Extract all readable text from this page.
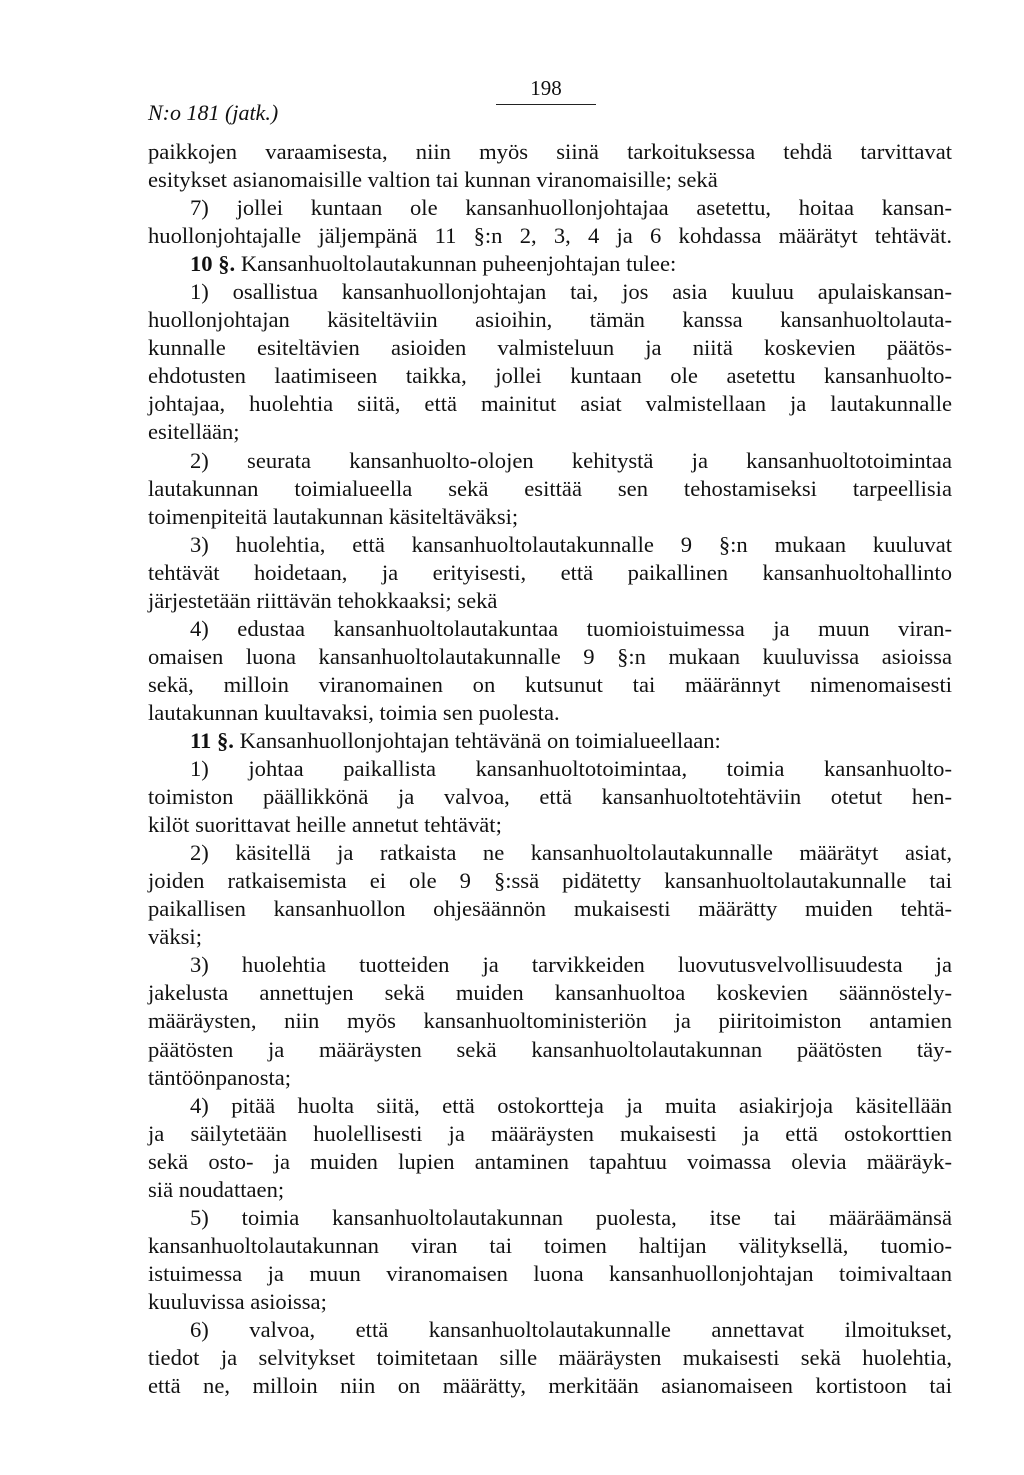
N:o 181 (jatk.)
198
paikkojen varaamisesta, niin myös siinä tarkoituksessa tehdä tarvittavat
esitykset asianomaisille valtion tai kunnan viranomaisille; sekä
7) jollei kuntaan ole kansanhuollonjohtajaa asetettu, hoitaa kansan-
huollonjohtajalle jäljempänä 11 §:n 2, 3, 4 ja 6 kohdassa määrätyt tehtävät.
10 §. Kansanhuoltolautakunnan puheenjohtajan tulee:
1) osallistua kansanhuollonjohtajan tai, jos asia kuuluu apulaiskansan-
huollonjohtajan käsiteltäviin asioihin, tämän kanssa kansanhuoltolauta-
kunnalle esiteltävien asioiden valmisteluun ja niitä koskevien päätös-
ehdotusten laatimiseen taikka, jollei kuntaan ole asetettu kansanhuolto-
johtajaa, huolehtia siitä, että mainitut asiat valmistellaan ja lautakunnalle
esitellään;
2) seurata kansanhuolto-olojen kehitystä ja kansanhuoltotoimintaa
lautakunnan toimialueella sekä esittää sen tehostamiseksi tarpeellisia
toimenpiteitä lautakunnan käsiteltäväksi;
3) huolehtia, että kansanhuoltolautakunnalle 9 §:n mukaan kuuluvat
tehtävät hoidetaan, ja erityisesti, että paikallinen kansanhuoltohallinto
järjestetään riittävän tehokkaaksi; sekä
4) edustaa kansanhuoltolautakuntaa tuomioistuimessa ja muun viran-
omaisen luona kansanhuoltolautakunnalle 9 §:n mukaan kuuluvissa asioissa
sekä, milloin viranomainen on kutsunut tai määrännyt nimenomaisesti
lautakunnan kuultavaksi, toimia sen puolesta.
11 §. Kansanhuollonjohtajan tehtävänä on toimialueellaan:
1) johtaa paikallista kansanhuoltotoimintaa, toimia kansanhuolto-
toimiston päällikkönä ja valvoa, että kansanhuoltotehtäviin otetut hen-
kilöt suorittavat heille annetut tehtävät;
2) käsitellä ja ratkaista ne kansanhuoltolautakunnalle määrätyt asiat,
joiden ratkaisemista ei ole 9 §:ssä pidätetty kansanhuoltolautakunnalle tai
paikallisen kansanhuollon ohjesäännön mukaisesti määrätty muiden tehtä-
väksi;
3) huolehtia tuotteiden ja tarvikkeiden luovutusvelvollisuudesta ja
jakelusta annettujen sekä muiden kansanhuoltoa koskevien säännöstely-
määräysten, niin myös kansanhuoltoministeriön ja piiritoimiston antamien
päätösten ja määräysten sekä kansanhuoltolautakunnan päätösten täy-
täntöönpanosta;
4) pitää huolta siitä, että ostokortteja ja muita asiakirjoja käsitellään
ja säilytetään huolellisesti ja määräysten mukaisesti ja että ostokorttien
sekä osto- ja muiden lupien antaminen tapahtuu voimassa olevia määräyk-
siä noudattaen;
5) toimia kansanhuoltolautakunnan puolesta, itse tai määräämänsä
kansanhuoltolautakunnan viran tai toimen haltijan välityksellä, tuomio-
istuimessa ja muun viranomaisen luona kansanhuollonjohtajan toimivaltaan
kuuluvissa asioissa;
6) valvoa, että kansanhuoltolautakunnalle annettavat ilmoitukset,
tiedot ja selvitykset toimitetaan sille määräysten mukaisesti sekä huolehtia,
että ne, milloin niin on määrätty, merkitään asianomaiseen kortistoon tai
